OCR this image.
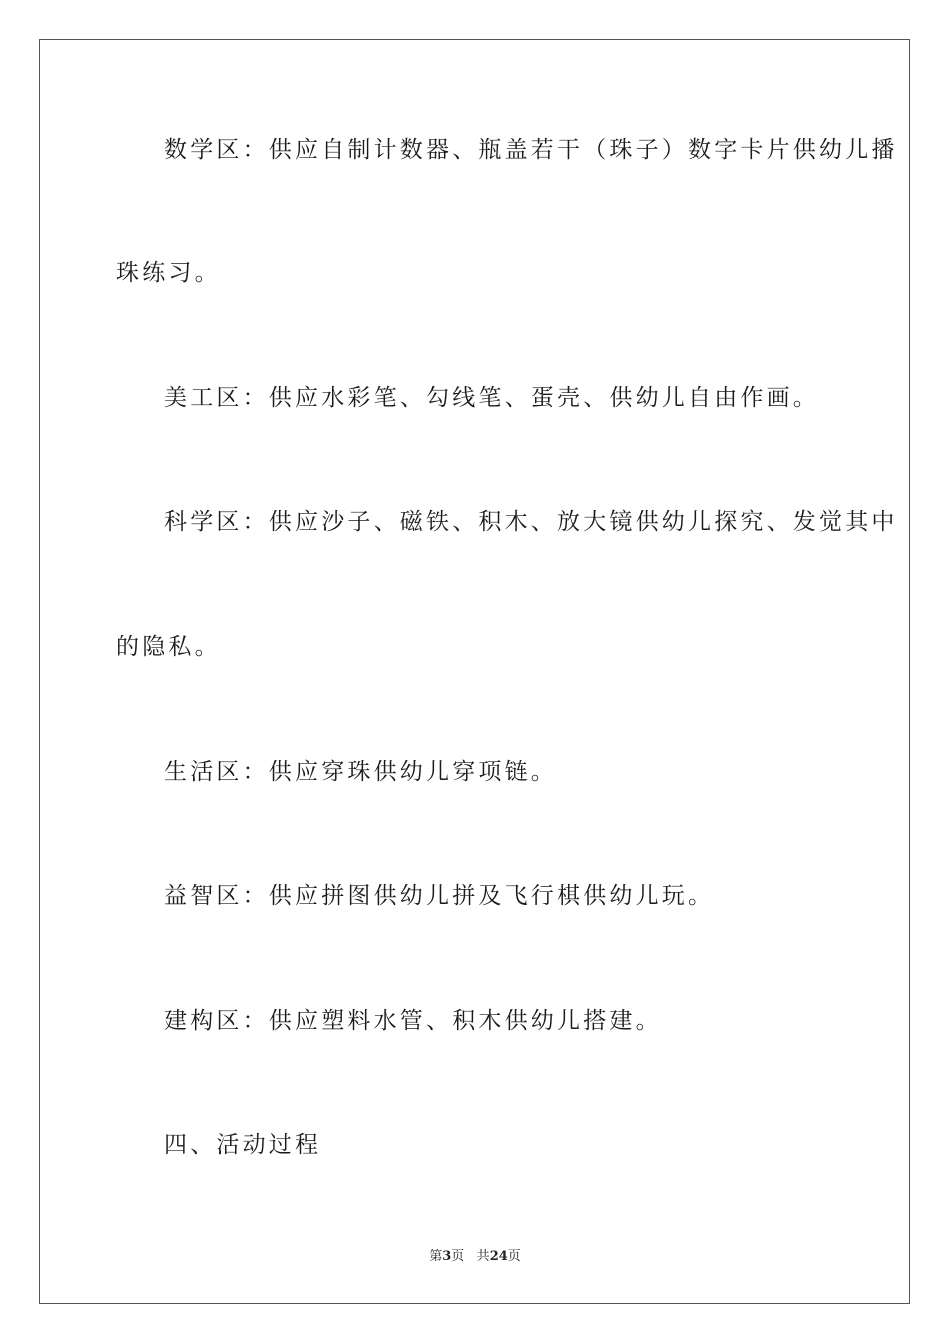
数学区：供应自制计数器、瓶盖若干（珠子）数字卡片供幼儿播
珠练习。
美工区：供应水彩笔、勾线笔、蛋壳、供幼儿自由作画。
科学区：供应沙子、磁铁、积木、放大镜供幼儿探究、发觉其中
的隐私。
生活区：供应穿珠供幼儿穿项链。
益智区：供应拼图供幼儿拼及飞行棋供幼儿玩。
建构区：供应塑料水管、积木供幼儿搭建。
四、活动过程
第3页 共24页
